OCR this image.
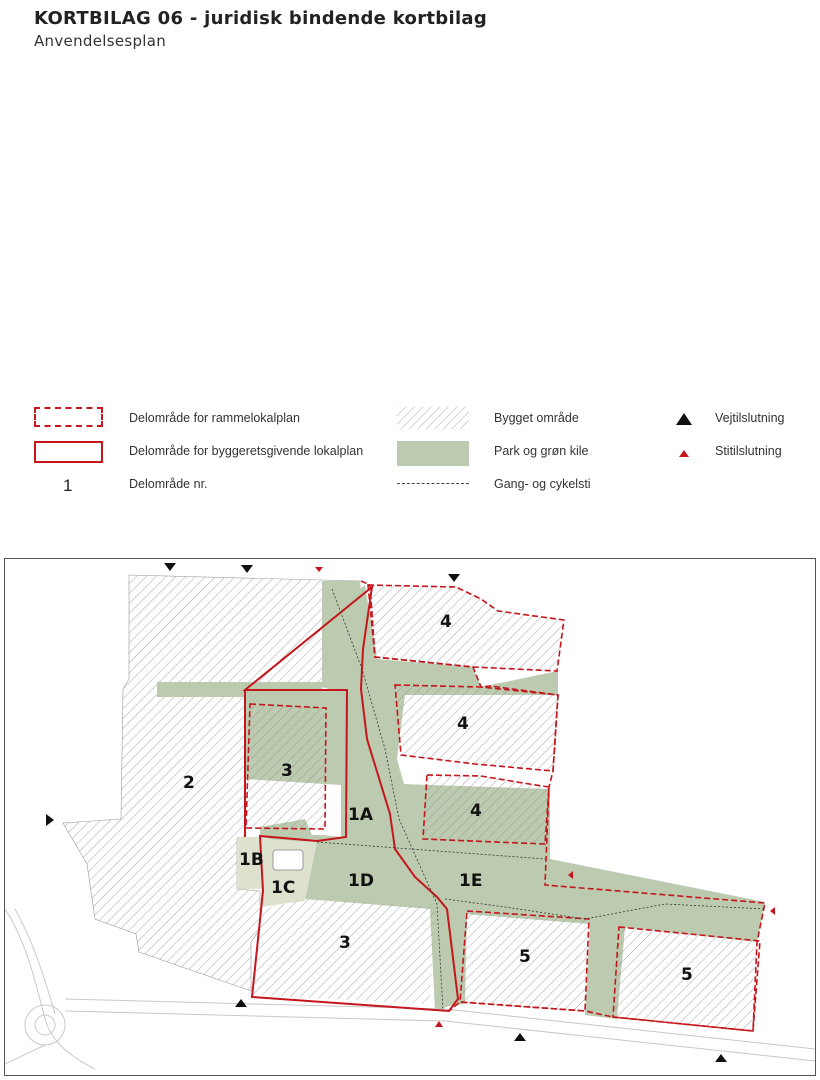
KORTBILAG 06 - juridisk bindende kortbilag
Anvendelsesplan
Delområde for rammelokalplan
Delområde for byggeretsgivende lokalplan
1	Delområde nr.
Bygget område
Park og grøn kile
Gang- og cykelsti
Vejtilslutning
Stitilslutning
2
3
3
4
4
4
5
5
1A
1B
1C	1D	1E
